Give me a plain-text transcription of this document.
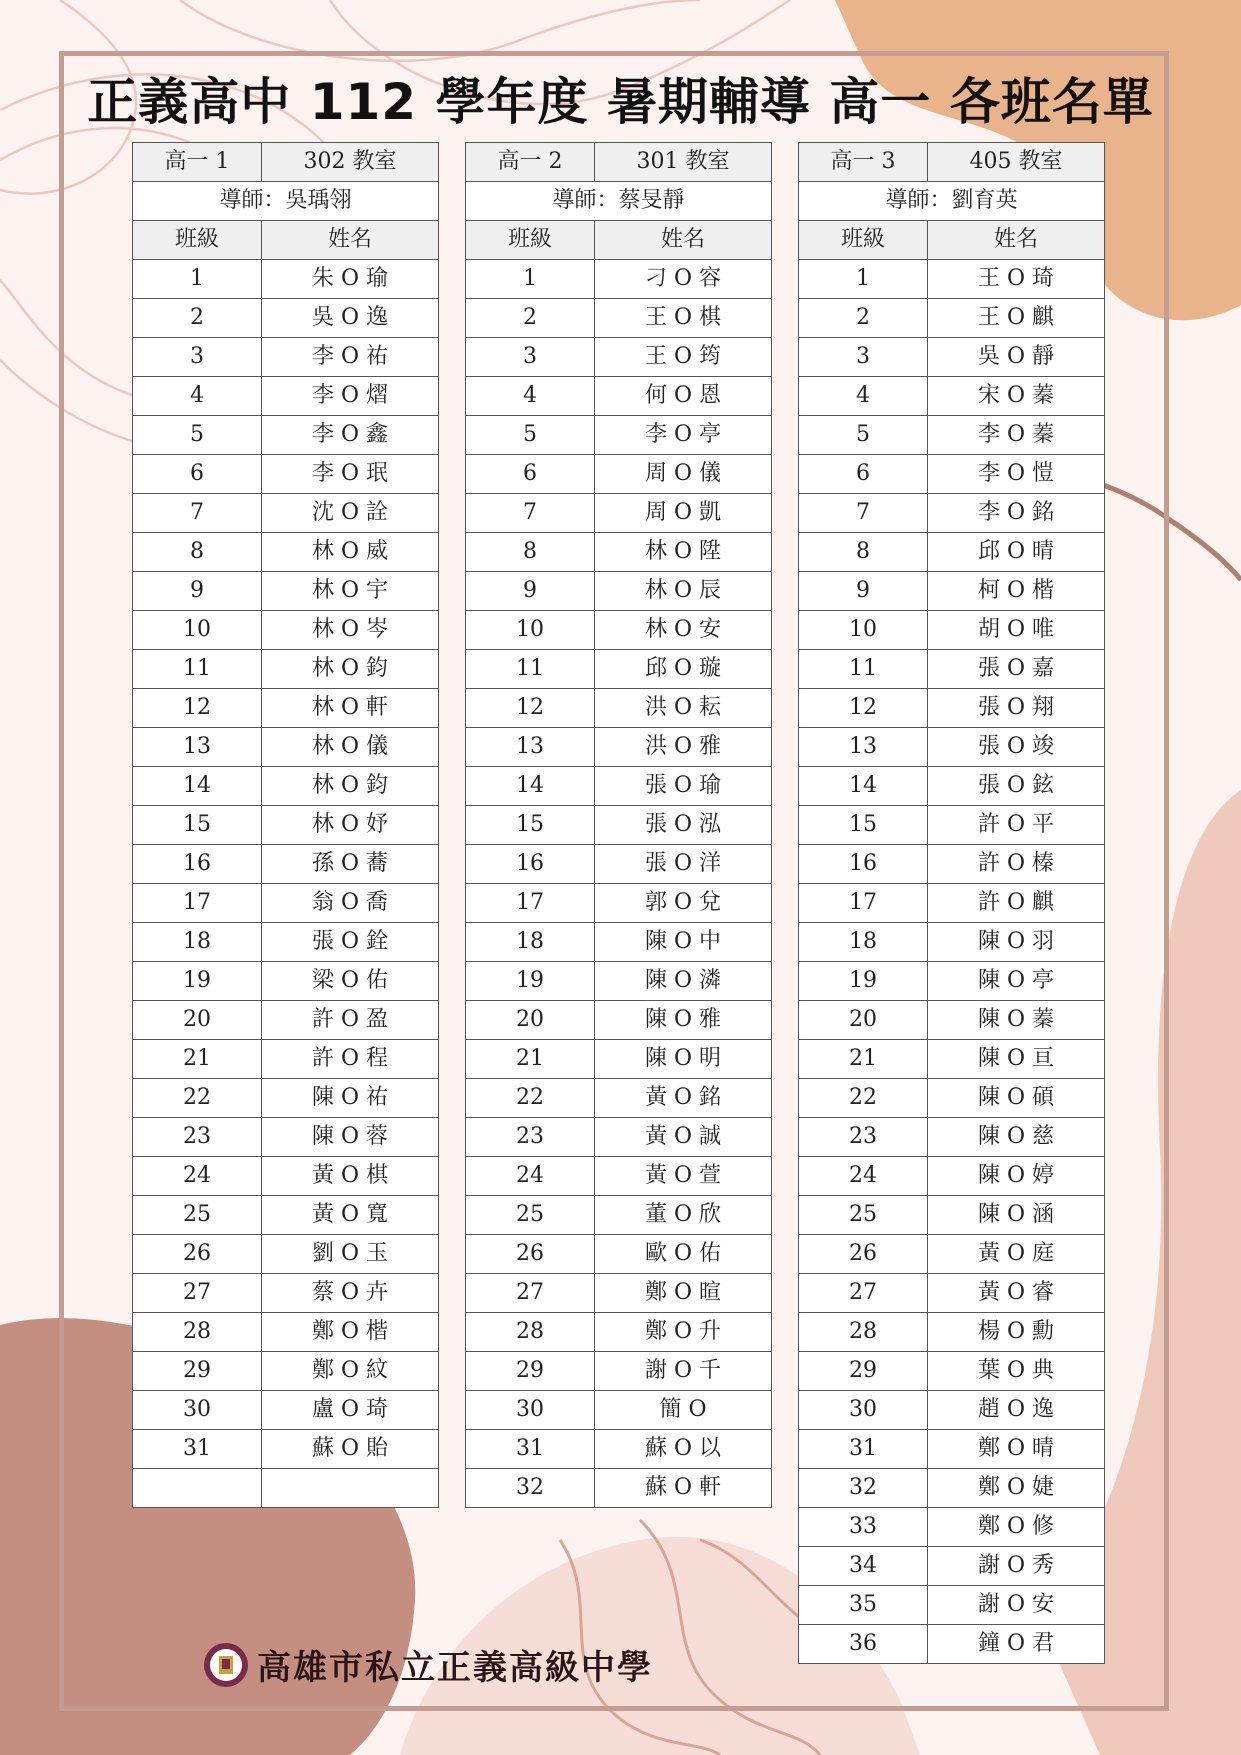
正義高中 112 學年度 暑期輔導 高一 各班名單
高一 1	302 教室
導師：吳瑀翎	
班級	姓名
1	朱 O 瑜
2	吳 O 逸
3	李 O 祐
4	李 O 熠
5	李 O 鑫
6	李 O 珉
7	沈 O 詮
8	林 O 威
9	林 O 宇
10	林 O 岑
11	林 O 鈞
12	林 O 軒
13	林 O 儀
14	林 O 鈞
15	林 O 妤
16	孫 O 蕎
17	翁 O 喬
18	張 O 銓
19	梁 O 佑
20	許 O 盈
21	許 O 程
22	陳 O 祐
23	陳 O 蓉
24	黃 O 棋
25	黃 O 寬
26	劉 O 玉
27	蔡 O 卉
28	鄭 O 楷
29	鄭 O 紋
30	盧 O 琦
31	蘇 O 貽

高一 2	301 教室
導師：蔡旻靜	
班級	姓名
1	刁 O 容
2	王 O 棋
3	王 O 筠
4	何 O 恩
5	李 O 亭
6	周 O 儀
7	周 O 凱
8	林 O 陞
9	林 O 辰
10	林 O 安
11	邱 O 璇
12	洪 O 耘
13	洪 O 雅
14	張 O 瑜
15	張 O 泓
16	張 O 洋
17	郭 O 兌
18	陳 O 中
19	陳 O 潾
20	陳 O 雅
21	陳 O 明
22	黃 O 銘
23	黃 O 誠
24	黃 O 萱
25	董 O 欣
26	歐 O 佑
27	鄭 O 暄
28	鄭 O 升
29	謝 O 千
30	簡 O
31	蘇 O 以
32	蘇 O 軒
高一 3	405 教室
導師：劉育英	
班級	姓名
1	王 O 琦
2	王 O 麒
3	吳 O 靜
4	宋 O 蓁
5	李 O 蓁
6	李 O 愷
7	李 O 銘
8	邱 O 晴
9	柯 O 楷
10	胡 O 唯
11	張 O 嘉
12	張 O 翔
13	張 O 竣
14	張 O 鉉
15	許 O 平
16	許 O 榛
17	許 O 麒
18	陳 O 羽
19	陳 O 亭
20	陳 O 蓁
21	陳 O 亘
22	陳 O 碩
23	陳 O 慈
24	陳 O 婷
25	陳 O 涵
26	黃 O 庭
27	黃 O 睿
28	楊 O 勳
29	葉 O 典
30	趙 O 逸
31	鄭 O 晴
32	鄭 O 婕
33	鄭 O 修
34	謝 O 秀
35	謝 O 安
36	鐘 O 君
高雄市私立正義高級中學
